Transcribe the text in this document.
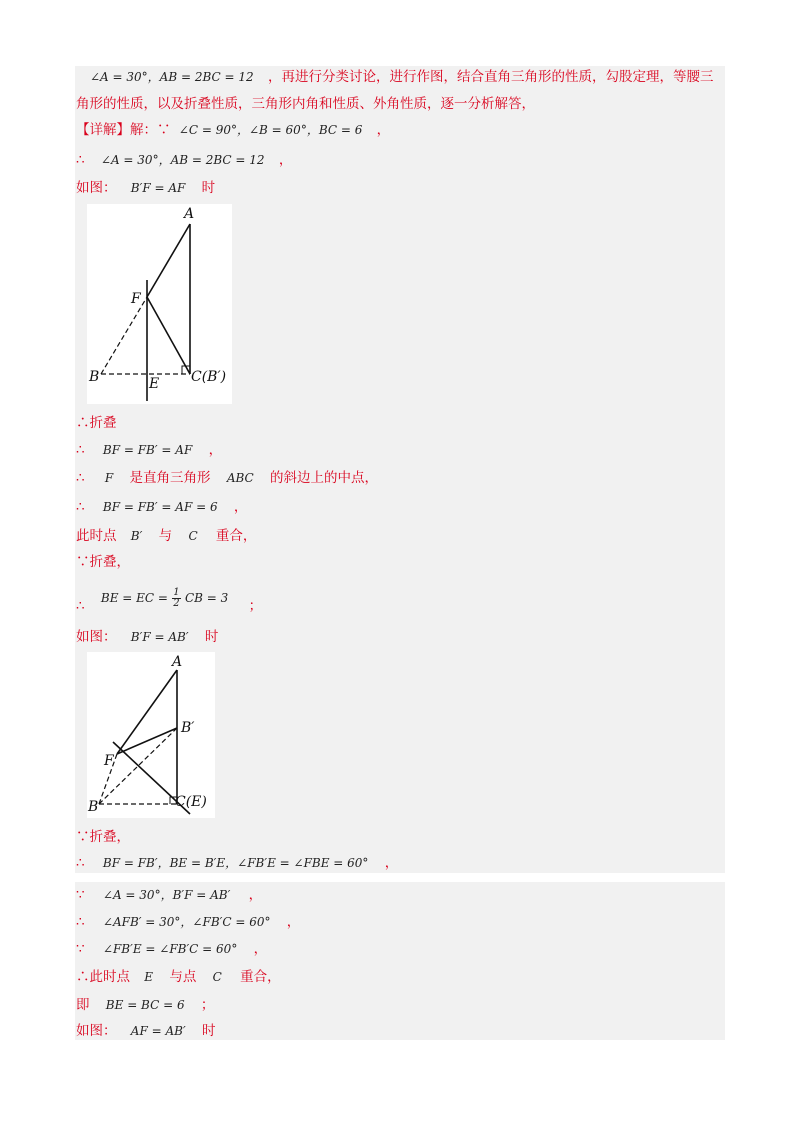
∠A = 30°，AB = 2BC = 12 ，再进行分类讨论，进行作图，结合直角三角形的性质，勾股定理，等腰三
角形的性质，以及折叠性质，三角形内角和性质、外角性质，逐一分析解答，
【详解】解：∵ ∠C = 90°，∠B = 60°，BC = 6 ，
∴ ∠A = 30°，AB = 2BC = 12 ，
如图： B′F = AF 时
A
F
B	E C(B′)
∴折叠
∴ BF = FB′ = AF ，
∴ F 是直角三角形 ABC 的斜边上的中点，
∴ BF = FB′ = AF = 6 ，
此时点 B′ 与 C 重合，
∵折叠，
∴ BE = EC = $\frac{1}{2}$ CB = 3 ；
如图： B′F = AB′ 时
A
B′
F
B	C(E)
∵折叠，
∴ BF = FB′，BE = B′E，∠FB′E = ∠FBE = 60° ，
∵ ∠A = 30°，B′F = AB′ ，
∴ ∠AFB′ = 30°，∠FB′C = 60° ，
∵ ∠FB′E = ∠FB′C = 60° ，
∴此时点 E 与点 C 重合，
即 BE = BC = 6 ；
如图： AF = AB′ 时
